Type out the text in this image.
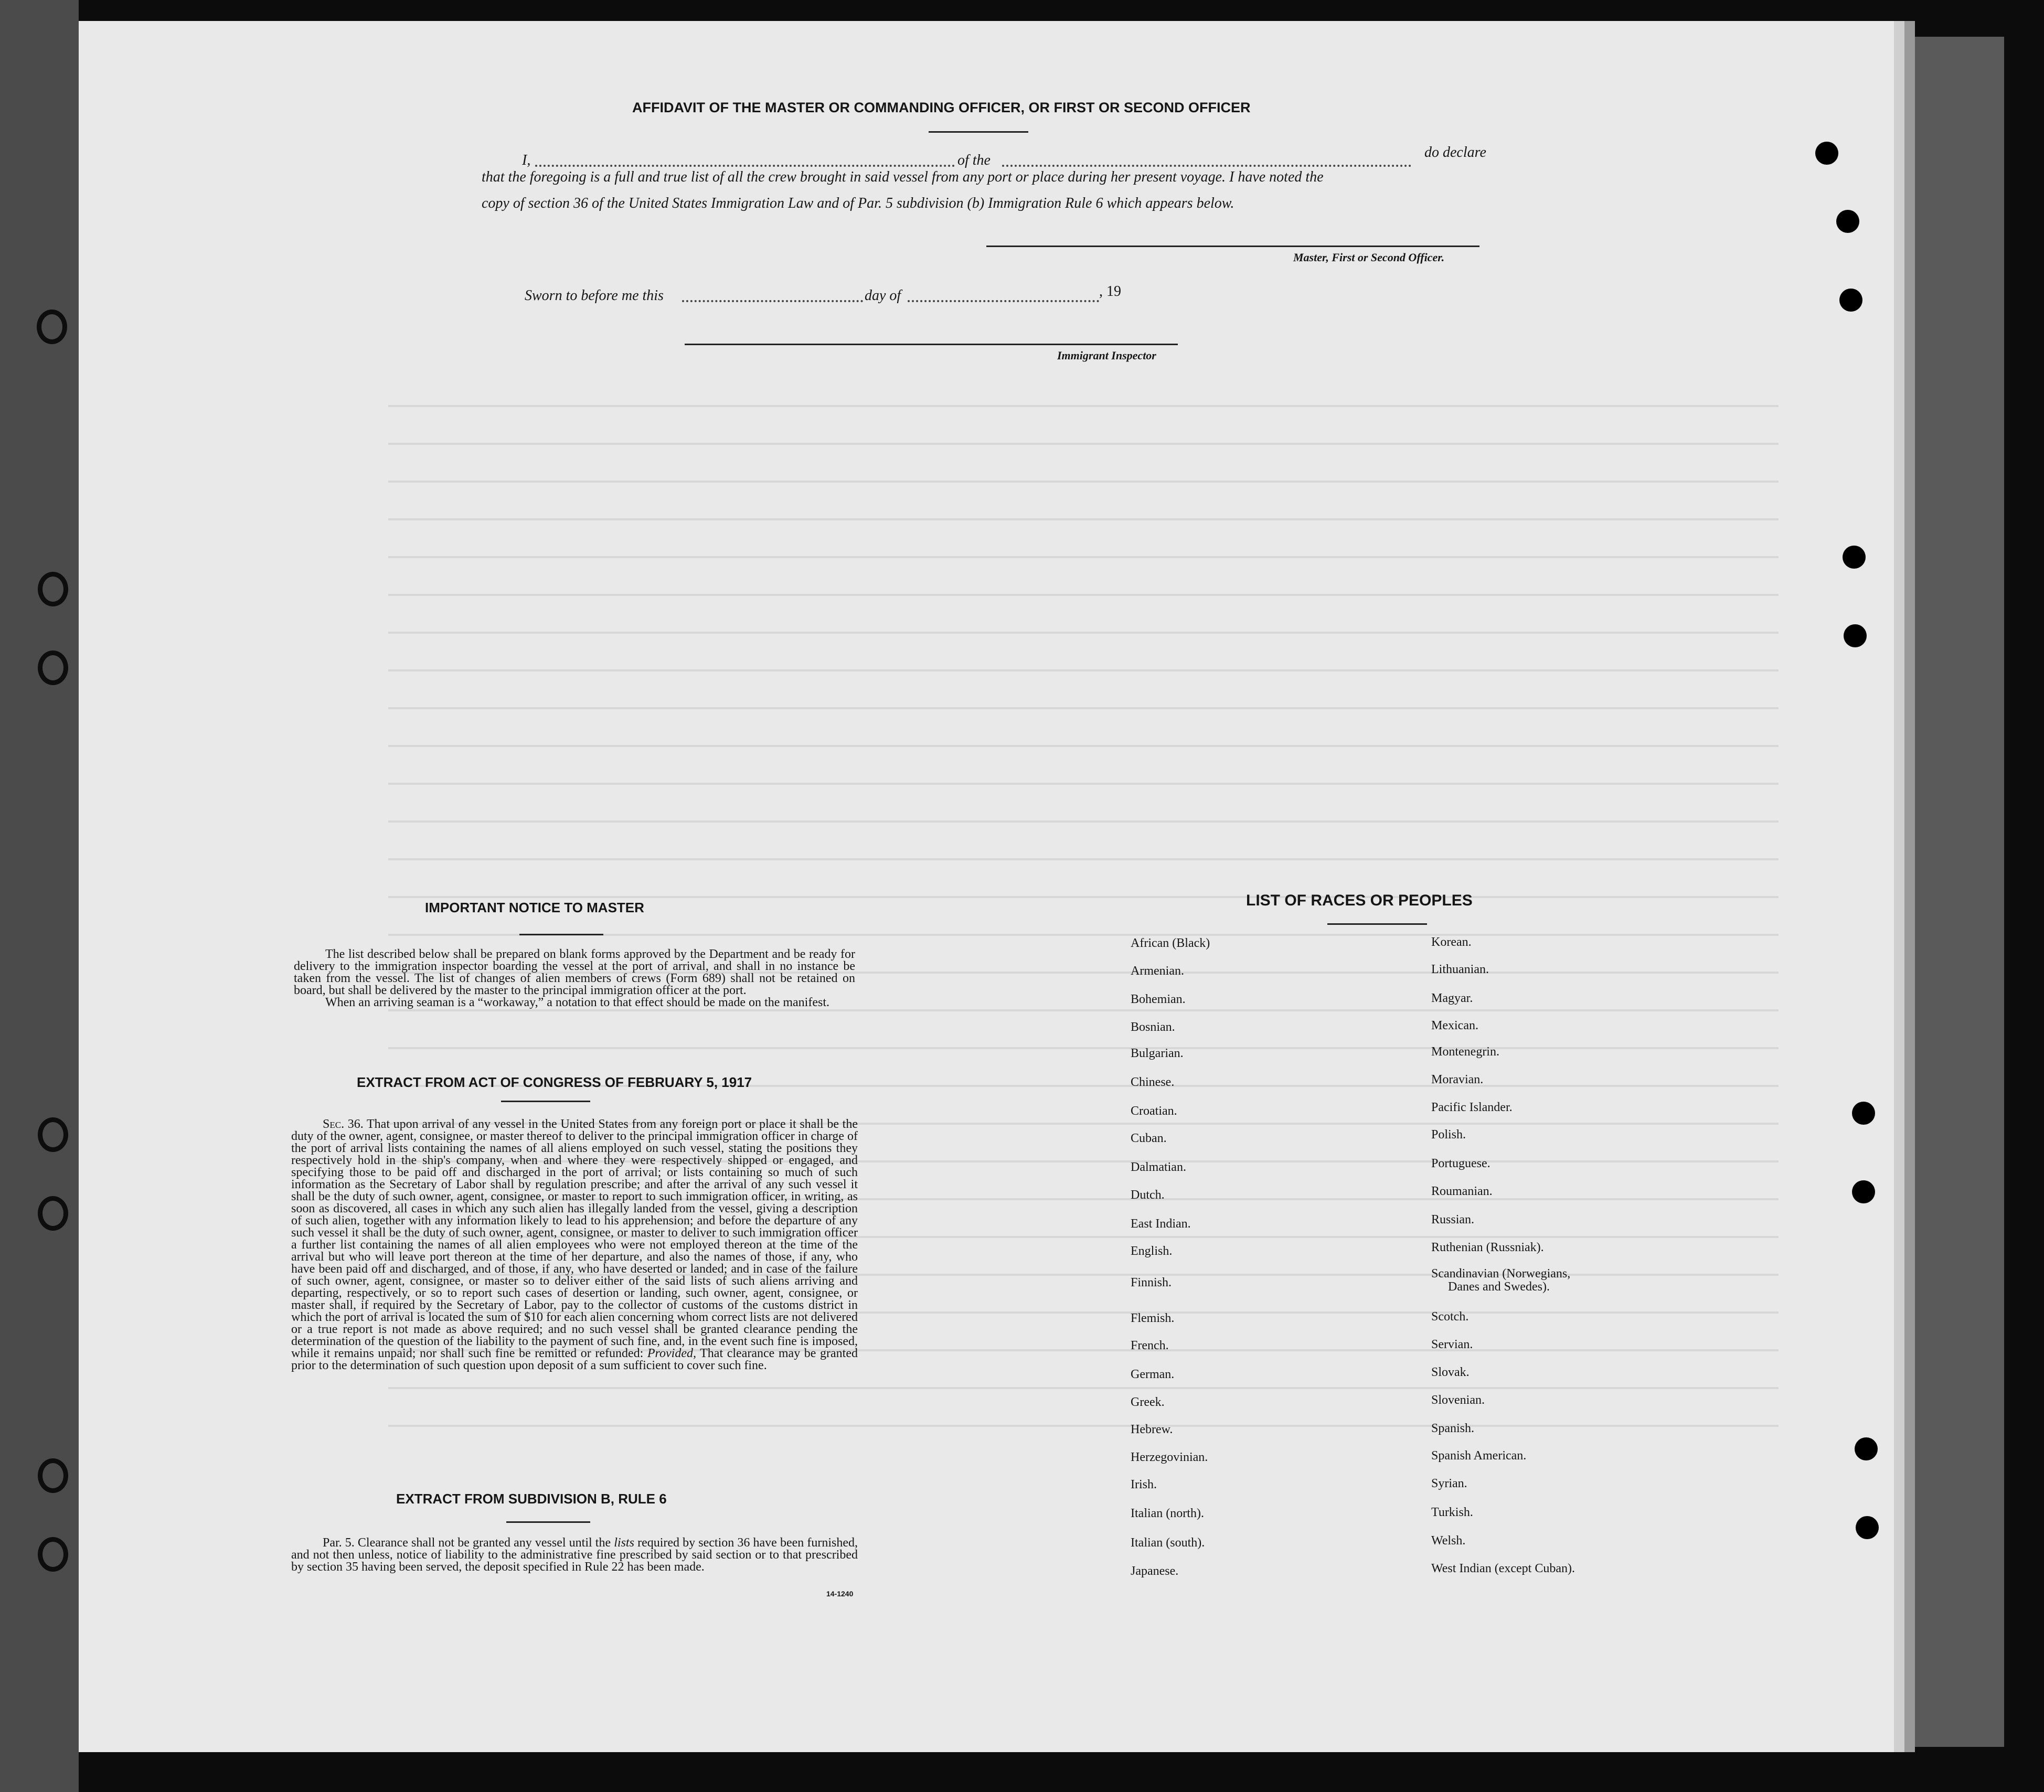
AFFIDAVIT OF THE MASTER OR COMMANDING OFFICER, OR FIRST OR SECOND OFFICER
I,	of the	do declare
that the foregoing is a full and true list of all the crew brought in said vessel from any port or place during her present voyage. I have noted the
copy of section 36 of the United States Immigration Law and of Par. 5 subdivision (b) Immigration Rule 6 which appears below.
Master, First or Second Officer.
Sworn to before me this	day of	, 19
Immigrant Inspector
IMPORTANT NOTICE TO MASTER

The list described below shall be prepared on blank forms approved by the Department and be ready for delivery to the immigration inspector boarding the vessel at the port of arrival, and shall in no instance be taken from the vessel. The list of changes of alien members of crews (Form 689) shall not be retained on board, but shall be delivered by the master to the principal immigration officer at the port.

When an arriving seaman is a “workaway,” a notation to that effect should be made on the manifest.

EXTRACT FROM ACT OF CONGRESS OF FEBRUARY 5, 1917

Sec. 36. That upon arrival of any vessel in the United States from any foreign port or place it shall be the duty of the owner, agent, consignee, or master thereof to deliver to the principal immigration officer in charge of the port of arrival lists containing the names of all aliens employed on such vessel, stating the positions they respectively hold in the ship's company, when and where they were respectively shipped or engaged, and specifying those to be paid off and discharged in the port of arrival; or lists containing so much of such information as the Secretary of Labor shall by regulation prescribe; and after the arrival of any such vessel it shall be the duty of such owner, agent, consignee, or master to report to such immigration officer, in writing, as soon as discovered, all cases in which any such alien has illegally landed from the vessel, giving a description of such alien, together with any information likely to lead to his apprehension; and before the departure of any such vessel it shall be the duty of such owner, agent, consignee, or master to deliver to such immigration officer a further list containing the names of all alien employees who were not employed thereon at the time of the arrival but who will leave port thereon at the time of her departure, and also the names of those, if any, who have been paid off and discharged, and of those, if any, who have deserted or landed; and in case of the failure of such owner, agent, consignee, or master so to deliver either of the said lists of such aliens arriving and departing, respectively, or so to report such cases of desertion or landing, such owner, agent, consignee, or master shall, if required by the Secretary of Labor, pay to the collector of customs of the customs district in which the port of arrival is located the sum of $10 for each alien concerning whom correct lists are not delivered or a true report is not made as above required; and no such vessel shall be granted clearance pending the determination of the question of the liability to the payment of such fine, and, in the event such fine is imposed, while it remains unpaid; nor shall such fine be remitted or refunded: Provided, That clearance may be granted prior to the determination of such question upon deposit of a sum sufficient to cover such fine.

EXTRACT FROM SUBDIVISION B, RULE 6

Par. 5. Clearance shall not be granted any vessel until the lists required by section 36 have been furnished, and not then unless, notice of liability to the administrative fine prescribed by said section or to that prescribed by section 35 having been served, the deposit specified in Rule 22 has been made.

14-1240
LIST OF RACES OR PEOPLES
African (Black)
Armenian.
Bohemian.
Bosnian.
Bulgarian.
Chinese.
Croatian.
Cuban.
Dalmatian.
Dutch.
East Indian.
English.
Finnish.
Flemish.
French.
German.
Greek.
Hebrew.
Herzegovinian.
Irish.
Italian (north).
Italian (south).
Japanese.
Korean.
Lithuanian.
Magyar.
Mexican.
Montenegrin.
Moravian.
Pacific Islander.
Polish.
Portuguese.
Roumanian.
Russian.
Ruthenian (Russniak).
Scandinavian (Norwegians,
Danes and Swedes).
Scotch.
Servian.
Slovak.
Slovenian.
Spanish.
Spanish American.
Syrian.
Turkish.
Welsh.
West Indian (except Cuban).
